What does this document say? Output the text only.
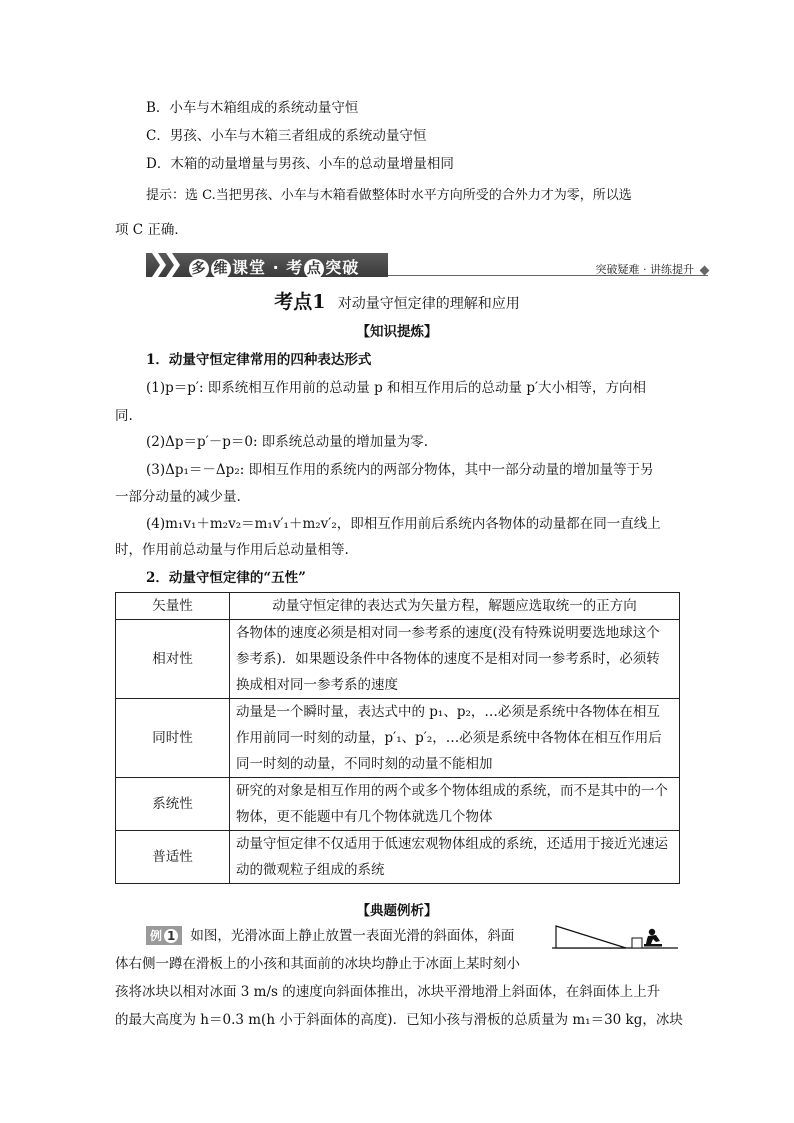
B．小车与木箱组成的系统动量守恒
C．男孩、小车与木箱三者组成的系统动量守恒
D．木箱的动量增量与男孩、小车的总动量增量相同
提示：选 C.当把男孩、小车与木箱看做整体时水平方向所受的合外力才为零，所以选
项 C 正确．
多 维 课堂 · 考 点 突破	突破疑难 · 讲练提升
考点1 对动量守恒定律的理解和应用
【知识提炼】
1．动量守恒定律常用的四种表达形式
(1)p＝p′: 即系统相互作用前的总动量 p 和相互作用后的总动量 p′大小相等，方向相
同.
(2)Δp＝p′－p＝0: 即系统总动量的增加量为零.
(3)Δp₁＝－Δp₂: 即相互作用的系统内的两部分物体，其中一部分动量的增加量等于另
一部分动量的减少量.
(4)m₁v₁＋m₂v₂＝m₁v′₁＋m₂v′₂，即相互作用前后系统内各物体的动量都在同一直线上
时，作用前总动量与作用后总动量相等.
2．动量守恒定律的“五性”
矢量性	动量守恒定律的表达式为矢量方程，解题应选取统一的正方向
相对性	各物体的速度必须是相对同一参考系的速度(没有特殊说明要选地球这个参考系)．如果题设条件中各物体的速度不是相对同一参考系时，必须转换成相对同一参考系的速度
同时性	动量是一个瞬时量，表达式中的 p₁、p₂，…必须是系统中各物体在相互作用前同一时刻的动量，p′₁、p′₂，…必须是系统中各物体在相互作用后同一时刻的动量，不同时刻的动量不能相加
系统性	研究的对象是相互作用的两个或多个物体组成的系统，而不是其中的一个物体，更不能题中有几个物体就选几个物体
普适性	动量守恒定律不仅适用于低速宏观物体组成的系统，还适用于接近光速运动的微观粒子组成的系统
【典题例析】
例 1 如图，光滑冰面上静止放置一表面光滑的斜面体，斜面
体右侧一蹲在滑板上的小孩和其面前的冰块均静止于冰面上某时刻小
孩将冰块以相对冰面 3 m/s 的速度向斜面体推出，冰块平滑地滑上斜面体，在斜面体上上升
的最大高度为 h＝0.3 m(h 小于斜面体的高度)．已知小孩与滑板的总质量为 m₁＝30 kg，冰块
